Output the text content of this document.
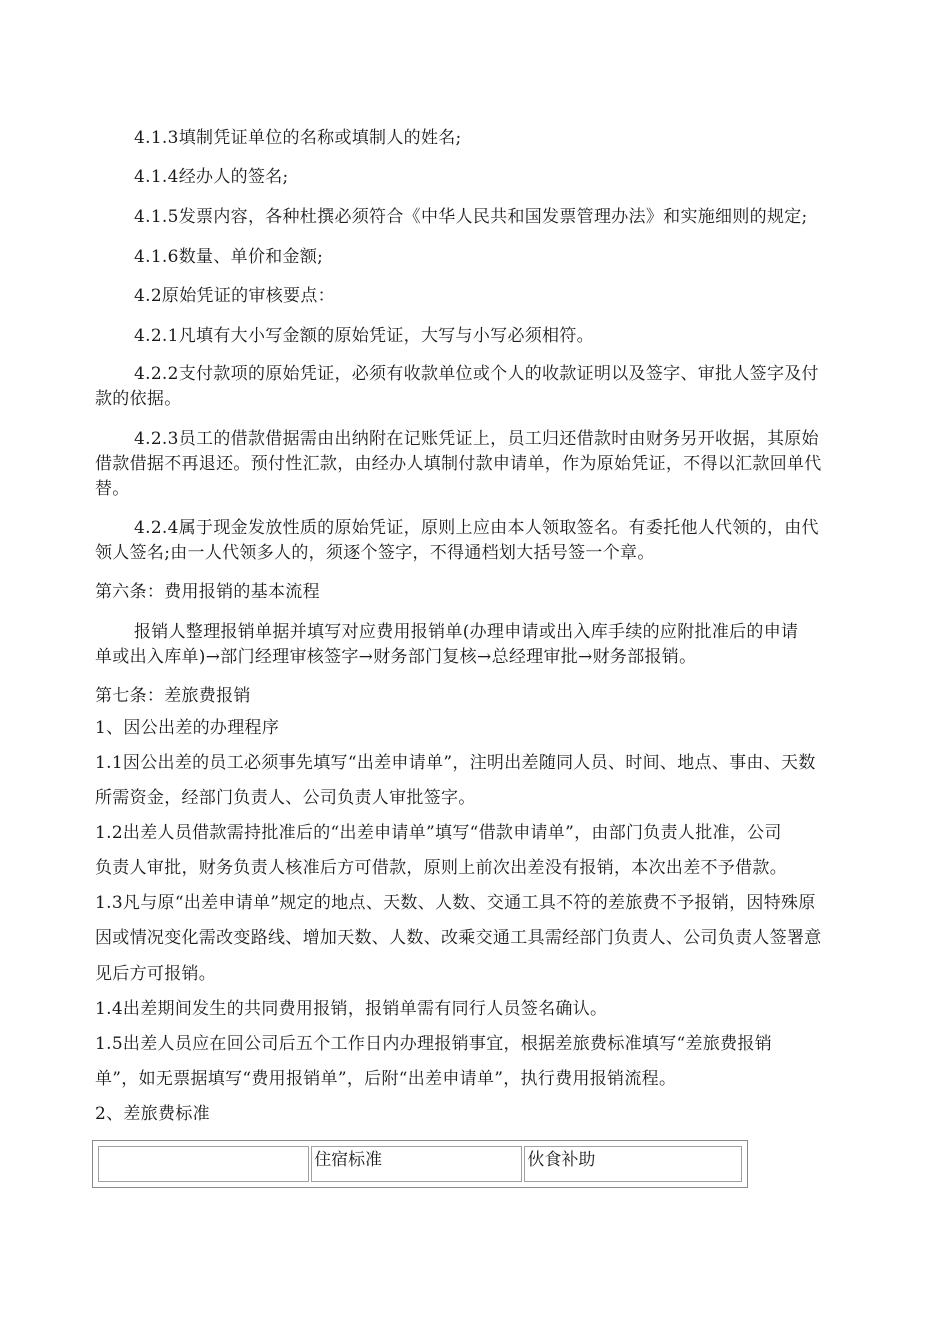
4.1.3填制凭证单位的名称或填制人的姓名;
4.1.4经办人的签名;
4.1.5发票内容，各种杜撰必须符合《中华人民共和国发票管理办法》和实施细则的规定;
4.1.6数量、单价和金额;
4.2原始凭证的审核要点：
4.2.1凡填有大小写金额的原始凭证，大写与小写必须相符。
4.2.2支付款项的原始凭证，必须有收款单位或个人的收款证明以及签字、审批人签字及付
款的依据。
4.2.3员工的借款借据需由出纳附在记账凭证上，员工归还借款时由财务另开收据，其原始
借款借据不再退还。预付性汇款，由经办人填制付款申请单，作为原始凭证，不得以汇款回单代
替。
4.2.4属于现金发放性质的原始凭证，原则上应由本人领取签名。有委托他人代领的，由代
领人签名;由一人代领多人的，须逐个签字，不得通档划大括号签一个章。
第六条：费用报销的基本流程
报销人整理报销单据并填写对应费用报销单(办理申请或出入库手续的应附批准后的申请
单或出入库单)→部门经理审核签字→财务部门复核→总经理审批→财务部报销。
第七条：差旅费报销
1、因公出差的办理程序
1.1因公出差的员工必须事先填写“出差申请单”，注明出差随同人员、时间、地点、事由、天数
所需资金，经部门负责人、公司负责人审批签字。
1.2出差人员借款需持批准后的“出差申请单”填写“借款申请单”，由部门负责人批准，公司
负责人审批，财务负责人核准后方可借款，原则上前次出差没有报销，本次出差不予借款。
1.3凡与原“出差申请单”规定的地点、天数、人数、交通工具不符的差旅费不予报销，因特殊原
因或情况变化需改变路线、增加天数、人数、改乘交通工具需经部门负责人、公司负责人签署意
见后方可报销。
1.4出差期间发生的共同费用报销，报销单需有同行人员签名确认。
1.5出差人员应在回公司后五个工作日内办理报销事宜，根据差旅费标准填写“差旅费报销
单”，如无票据填写“费用报销单”，后附“出差申请单”，执行费用报销流程。
2、差旅费标准
	住宿标准	伙食补助
